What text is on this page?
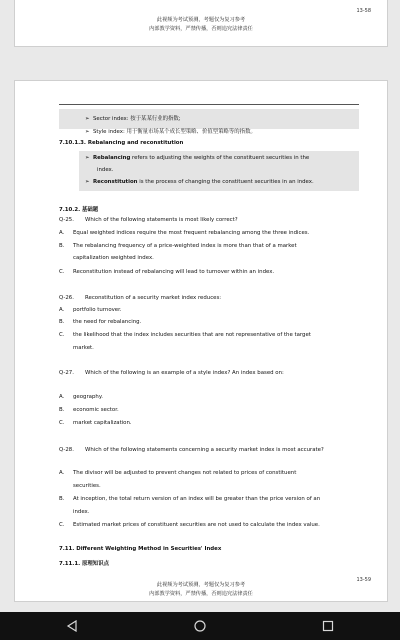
13-58
此视频为考试预测，考题仅为复习参考
内部教学资料，严禁传播，否则追究法律责任
➢  Sector index: 按于某某行业的指数;
➢  Style index: 用于衡量市场某个成长型策略、价值型策略等的指数。
7.10.1.3. Rebalancing and reconstitution
➢  Rebalancing refers to adjusting the weights of the constituent securities in the
index.
➢  Reconstitution is the process of changing the constituent securities in an index.
7.10.2. 基础题
Q-25. Which of the following statements is most likely correct?
A. Equal weighted indices require the most frequent rebalancing among the three indices.
B. The rebalancing frequency of a price-weighted index is more than that of a market
capitalization weighted index.
C. Reconstitution instead of rebalancing will lead to turnover within an index.
Q-26. Reconstitution of a security market index reduces:
A. portfolio turnover.
B. the need for rebalancing.
C. the likelihood that the index includes securities that are not representative of the target
market.
Q-27. Which of the following is an example of a style index? An index based on:
A. geography.
B. economic sector.
C. market capitalization.
Q-28. Which of the following statements concerning a security market index is most accurate?
A. The divisor will be adjusted to prevent changes not related to prices of constituent
securities.
B. At inception, the total return version of an index will be greater than the price version of an
index.
C. Estimated market prices of constituent securities are not used to calculate the index value.
7.11. Different Weighting Method in Securities' Index
7.11.1. 原理知识点
13-59
此视频为考试预测，考题仅为复习参考
内部教学资料，严禁传播，否则追究法律责任
